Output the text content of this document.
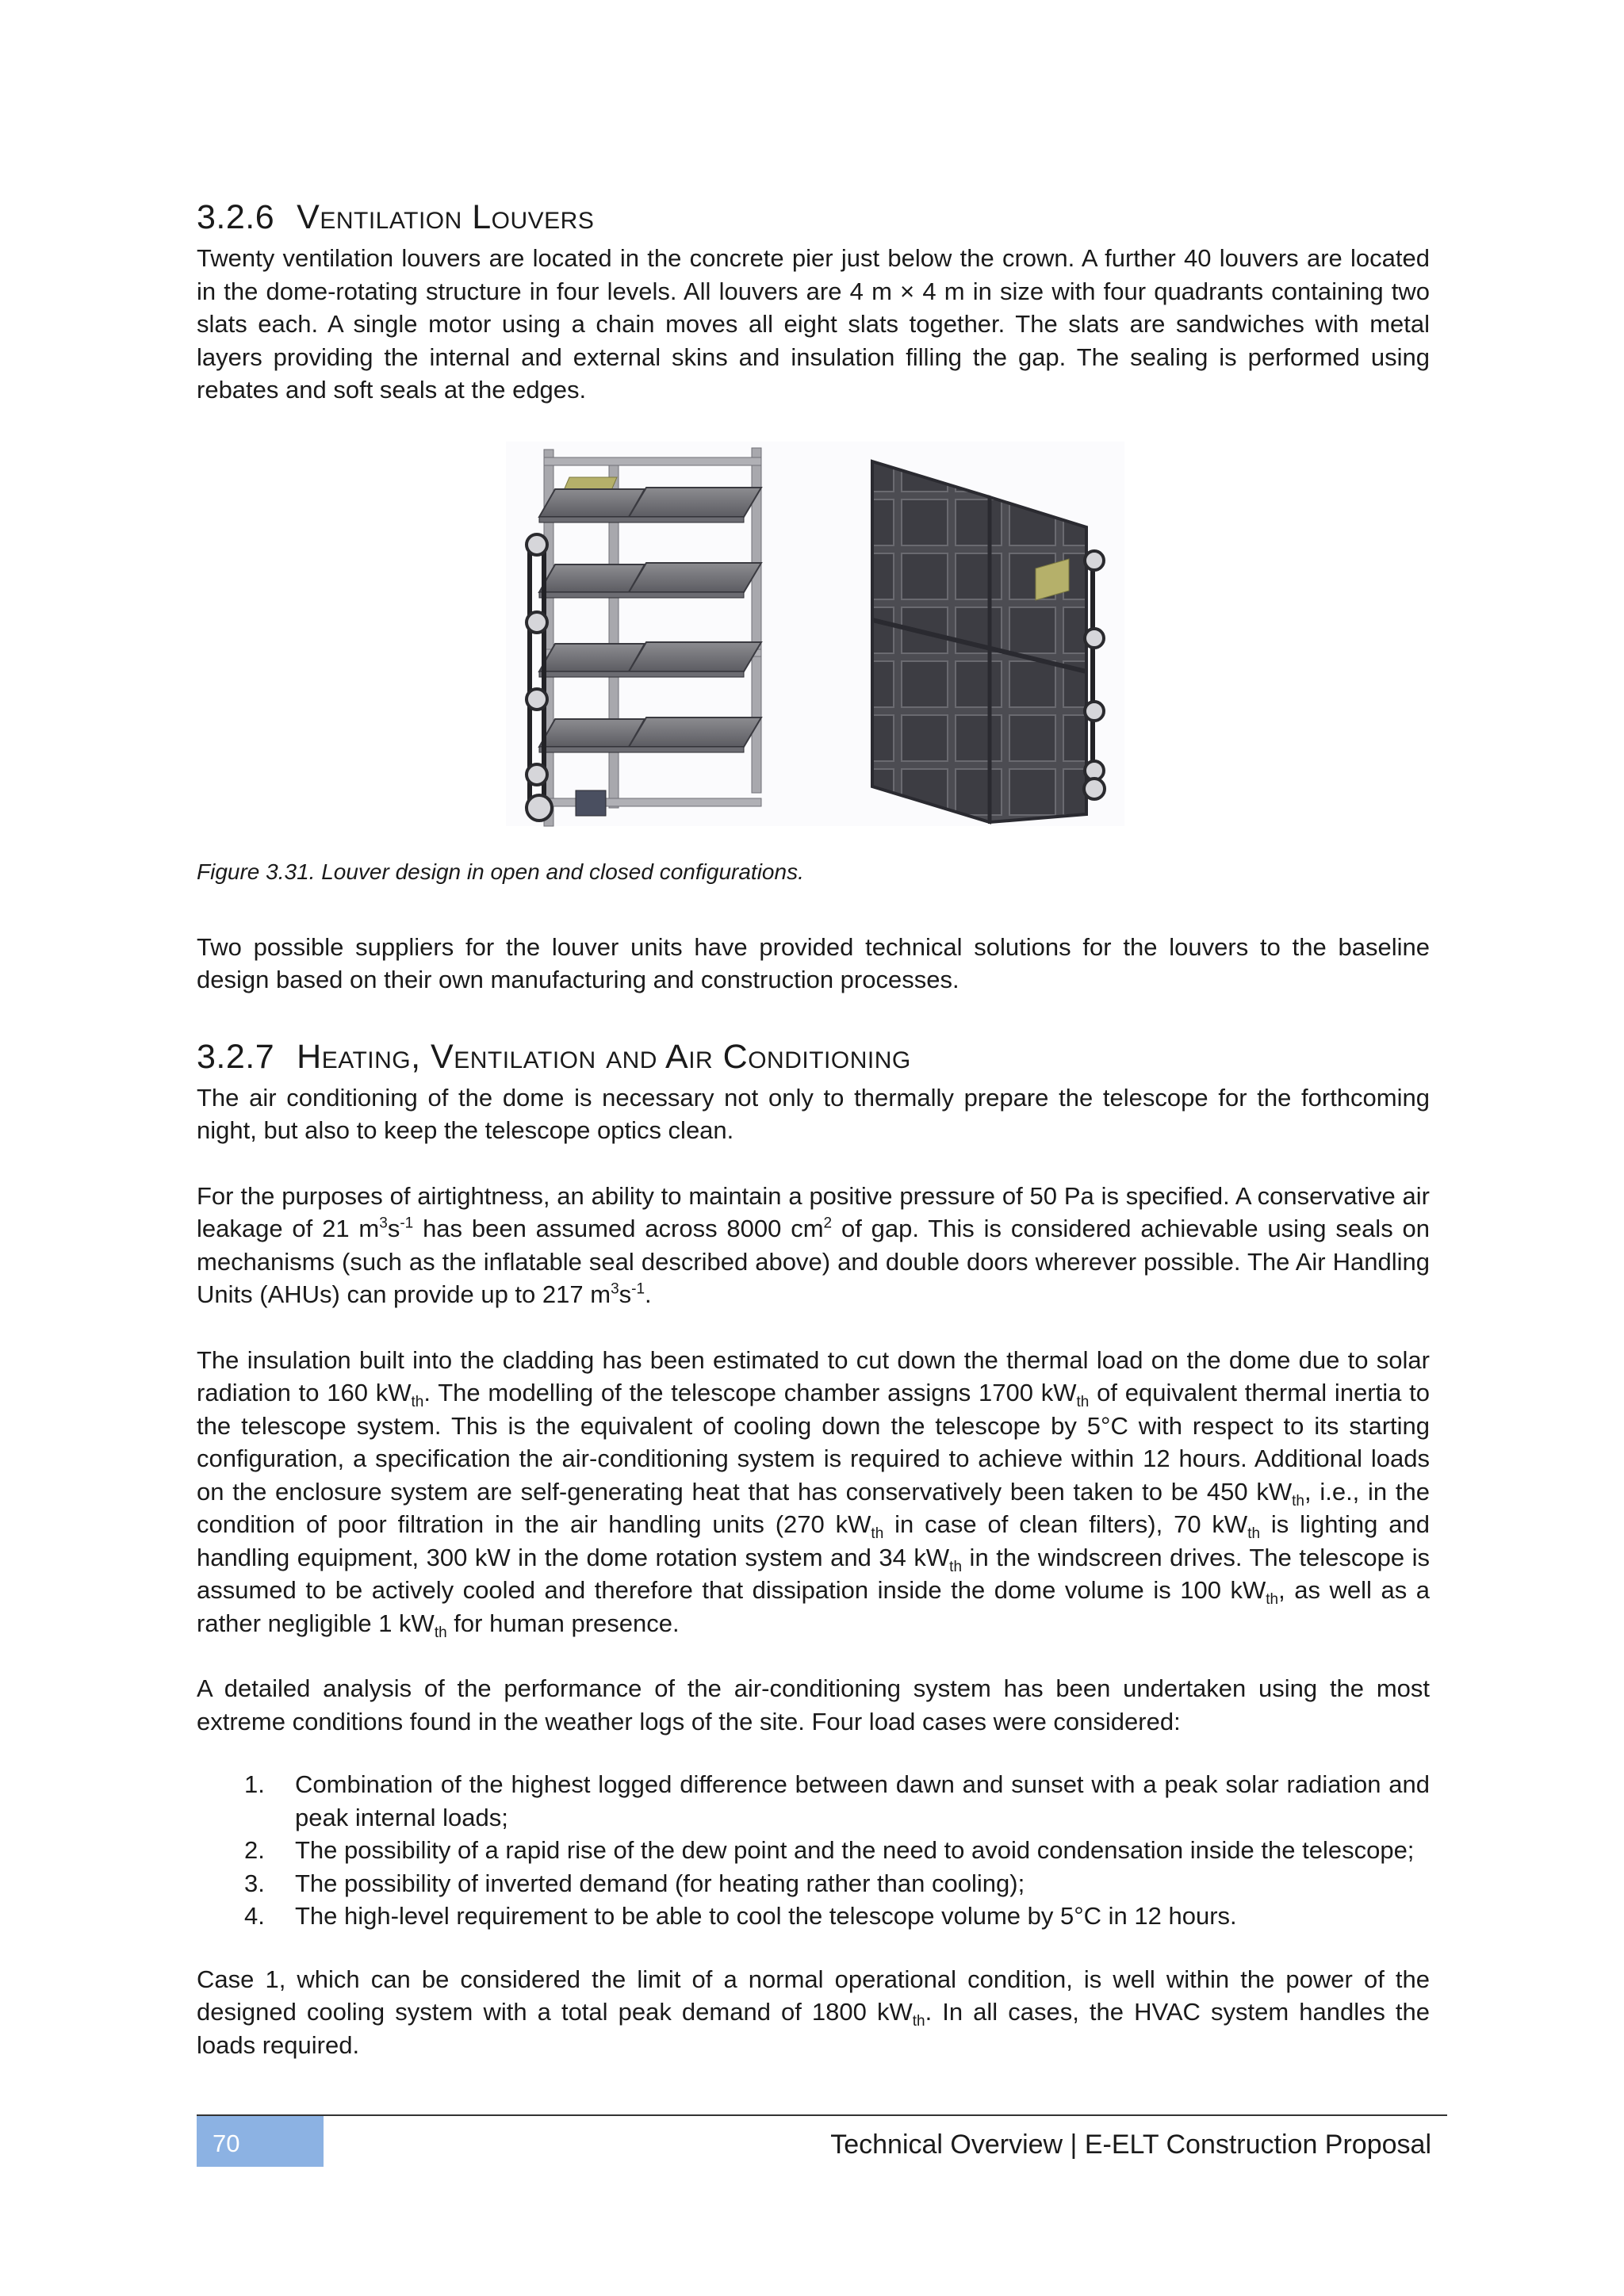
3.2.6 Ventilation Louvers

Twenty ventilation louvers are located in the concrete pier just below the crown. A further 40 louvers are located in the dome-rotating structure in four levels. All louvers are 4 m × 4 m in size with four quadrants containing two slats each. A single motor using a chain moves all eight slats together. The slats are sandwiches with metal layers providing the internal and external skins and insulation filling the gap. The sealing is performed using rebates and soft seals at the edges.

Figure 3.31. Louver design in open and closed configurations.

Two possible suppliers for the louver units have provided technical solutions for the louvers to the baseline design based on their own manufacturing and construction processes.

3.2.7 Heating, Ventilation and Air Conditioning

The air conditioning of the dome is necessary not only to thermally prepare the telescope for the forthcoming night, but also to keep the telescope optics clean.

For the purposes of airtightness, an ability to maintain a positive pressure of 50 Pa is specified. A conservative air leakage of 21 $m^3s^{-1}$ has been assumed across 8000 $cm^2$ of gap. This is considered achievable using seals on mechanisms (such as the inflatable seal described above) and double doors wherever possible. The Air Handling Units (AHUs) can provide up to 217 $m^3s^{-1}$.

The insulation built into the cladding has been estimated to cut down the thermal load on the dome due to solar radiation to 160 $kW_{th}$. The modelling of the telescope chamber assigns 1700 $kW_{th}$ of equivalent thermal inertia to the telescope system. This is the equivalent of cooling down the telescope by 5°C with respect to its starting configuration, a specification the air-conditioning system is required to achieve within 12 hours. Additional loads on the enclosure system are self-generating heat that has conservatively been taken to be 450 $kW_{th}$, i.e., in the condition of poor filtration in the air handling units (270 $kW_{th}$ in case of clean filters), 70 $kW_{th}$ is lighting and handling equipment, 300 kW in the dome rotation system and 34 $kW_{th}$ in the windscreen drives. The telescope is assumed to be actively cooled and therefore that dissipation inside the dome volume is 100 $kW_{th}$, as well as a rather negligible 1 $kW_{th}$ for human presence.

A detailed analysis of the performance of the air-conditioning system has been undertaken using the most extreme conditions found in the weather logs of the site. Four load cases were considered:

1. Combination of the highest logged difference between dawn and sunset with a peak solar radiation and peak internal loads;
2. The possibility of a rapid rise of the dew point and the need to avoid condensation inside the telescope;
3. The possibility of inverted demand (for heating rather than cooling);
4. The high-level requirement to be able to cool the telescope volume by 5°C in 12 hours.

Case 1, which can be considered the limit of a normal operational condition, is well within the power of the designed cooling system with a total peak demand of 1800 $kW_{th}$. In all cases, the HVAC system handles the loads required.

70	Technical Overview | E-ELT Construction Proposal
